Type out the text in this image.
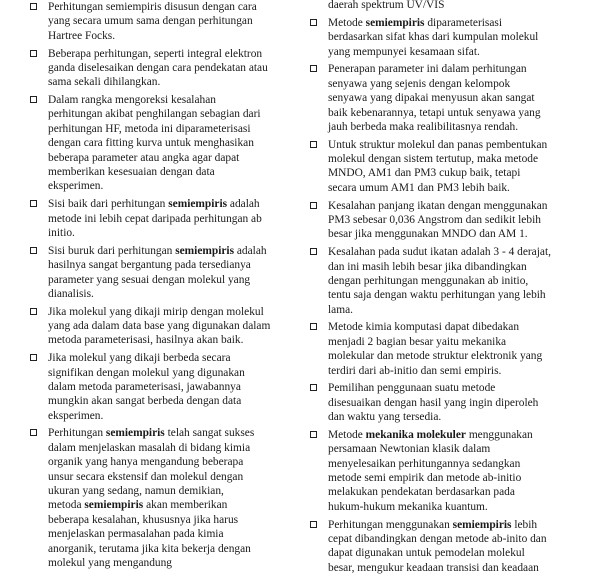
Perhitungan semiempiris disusun dengan cara
yang secara umum sama dengan perhitungan
Hartree Focks.
Beberapa perhitungan, seperti integral elektron
ganda diselesaikan dengan cara pendekatan atau
sama sekali dihilangkan.
Dalam rangka mengoreksi kesalahan
perhitungan akibat penghilangan sebagian dari
perhitungan HF, metoda ini diparameterisasi
dengan cara fitting kurva untuk menghasikan
beberapa parameter atau angka agar dapat
memberikan kesesuaian dengan data
eksperimen.
Sisi baik dari perhitungan semiempiris adalah
metode ini lebih cepat daripada perhitungan ab
initio.
Sisi buruk dari perhitungan semiempiris adalah
hasilnya sangat bergantung pada tersedianya
parameter yang sesuai dengan molekul yang
dianalisis.
Jika molekul yang dikaji mirip dengan molekul
yang ada dalam data base yang digunakan dalam
metoda parameterisasi, hasilnya akan baik.
Jika molekul yang dikaji berbeda secara
signifikan dengan molekul yang digunakan
dalam metoda parameterisasi, jawabannya
mungkin akan sangat berbeda dengan data
eksperimen.
Perhitungan semiempiris telah sangat sukses
dalam menjelaskan masalah di bidang kimia
organik yang hanya mengandung beberapa
unsur secara ekstensif dan molekul dengan
ukuran yang sedang, namun demikian,
metoda semiempiris akan memberikan
beberapa kesalahan, khususnya jika harus
menjelaskan permasalahan pada kimia
anorganik, terutama jika kita bekerja dengan
molekul yang mengandung
daerah spektrum UV/VIS
Metode semiempiris diparameterisasi
berdasarkan sifat khas dari kumpulan molekul
yang mempunyei kesamaan sifat.
Penerapan parameter ini dalam perhitungan
senyawa yang sejenis dengan kelompok
senyawa yang dipakai menyusun akan sangat
baik kebenarannya, tetapi untuk senyawa yang
jauh berbeda maka realibilitasnya rendah.
Untuk struktur molekul dan panas pembentukan
molekul dengan sistem tertutup, maka metode
MNDO, AM1 dan PM3 cukup baik, tetapi
secara umum AM1 dan PM3 lebih baik.
Kesalahan panjang ikatan dengan menggunakan
PM3 sebesar 0,036 Angstrom dan sedikit lebih
besar jika menggunakan MNDO dan AM 1.
Kesalahan pada sudut ikatan adalah 3 - 4 derajat,
dan ini masih lebih besar jika dibandingkan
dengan perhitungan menggunakan ab initio,
tentu saja dengan waktu perhitungan yang lebih
lama.
Metode kimia komputasi dapat dibedakan
menjadi 2 bagian besar yaitu mekanika
molekular dan metode struktur elektronik yang
terdiri dari ab-initio dan semi empiris.
Pemilihan penggunaan suatu metode
disesuaikan dengan hasil yang ingin diperoleh
dan waktu yang tersedia.
Metode mekanika molekuler menggunakan
persamaan Newtonian klasik dalam
menyelesaikan perhitungannya sedangkan
metode semi empirik dan metode ab-initio
melakukan pendekatan berdasarkan pada
hukum-hukum mekanika kuantum.
Perhitungan menggunakan semiempiris lebih
cepat dibandingkan dengan metode ab-inito dan
dapat digunakan untuk pemodelan molekul
besar, mengukur keadaan transisi dan keadaan
